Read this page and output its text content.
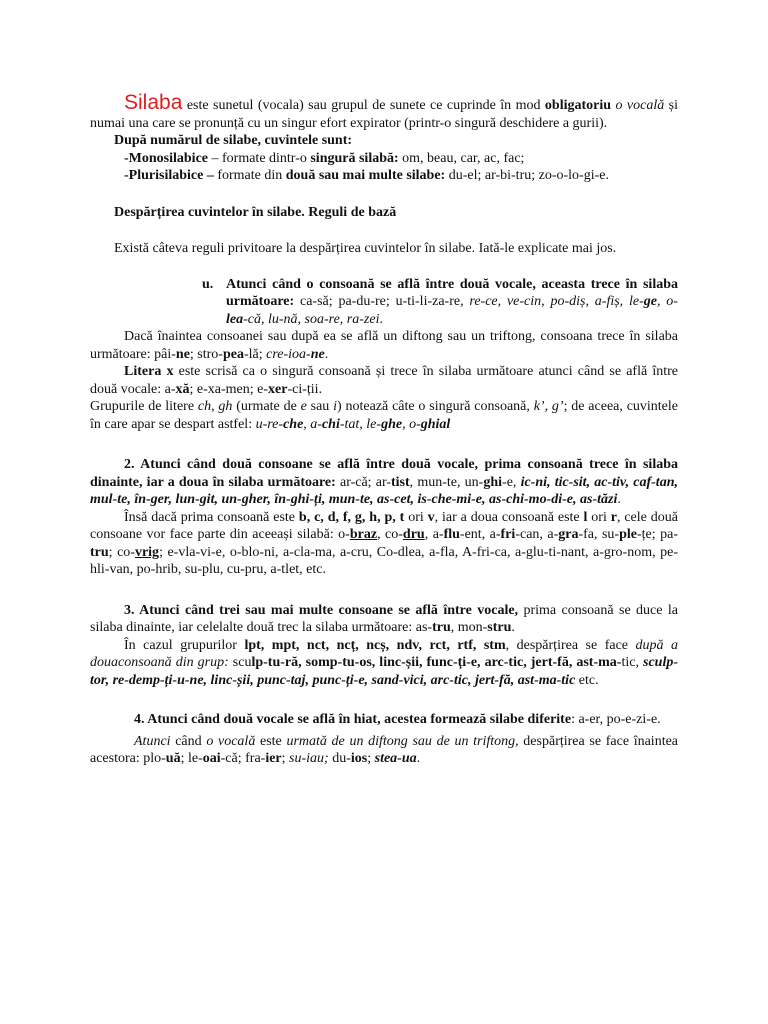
Silaba este sunetul (vocala) sau grupul de sunete ce cuprinde în mod obligatoriu o vocală și numai una care se pronunță cu un singur efort expirator (printr-o singură deschidere a gurii).

După numărul de silabe, cuvintele sunt:

-Monosilabice – formate dintr-o singură silabă: om, beau, car, ac, fac;

-Plurisilabice – formate din două sau mai multe silabe: du-el; ar-bi-tru; zo-o-lo-gi-e.

Despărțirea cuvintelor în silabe. Reguli de bază

Există câteva reguli privitoare la despărțirea cuvintelor în silabe. Iată-le explicate mai jos.

u. Atunci când o consoană se află între două vocale, aceasta trece în silaba următoare: ca-să; pa-du-re; u-ti-li-za-re, re-ce, ve-cin, po-diș, a-fiș, le-ge, o-lea-că, lu-nă, soa-re, ra-zei.

Dacă înaintea consoanei sau după ea se află un diftong sau un triftong, consoana trece în silaba următoare: pâi-ne; stro-pea-lă; cre-ioa-ne.

Litera x este scrisă ca o singură consoană și trece în silaba următoare atunci când se află între două vocale: a-xă; e-xa-men; e-xer-ci-ții.

Grupurile de litere ch, gh (urmate de e sau i) notează câte o singură consoană, k’, g’; de aceea, cuvintele în care apar se despart astfel: u-re-che, a-chi-tat, le-ghe, o-ghial

2. Atunci când două consoane se află între două vocale, prima consoană trece în silaba dinainte, iar a doua în silaba următoare: ar-că; ar-tist, mun-te, un-ghi-e, ic-ni, tic-sit, ac-tiv, caf-tan, mul-te, în-ger, lun-git, un-gher, în-ghi-ți, mun-te, as-cet, is-che-mi-e, as-chi-mo-di-e, as-tăzi.

Însă dacă prima consoană este b, c, d, f, g, h, p, t ori v, iar a doua consoană este l ori r, cele două consoane vor face parte din aceeași silabă: o-braz, co-dru, a-flu-ent, a-fri-can, a-gra-fa, su-ple-țe; pa-tru; co-vrig; e-vla-vi-e, o-blo-ni, a-cla-ma, a-cru, Co-dlea, a-fla, A-fri-ca, a-glu-ti-nant, a-gro-nom, pe-hli-van, po-hrib, su-plu, cu-pru, a-tlet, etc.

3. Atunci când trei sau mai multe consoane se află între vocale, prima consoană se duce la silaba dinainte, iar celelalte două trec la silaba următoare: as-tru, mon-stru.

În cazul grupurilor lpt, mpt, nct, ncț, ncș, ndv, rct, rtf, stm, despărțirea se face după a douaconsoană din grup: sculp-tu-ră, somp-tu-os, linc-șii, func-ți-e, arc-tic, jert-fă, ast-ma-tic, sculp-tor, re-demp-ți-u-ne, linc-șii, punc-taj, punc-ți-e, sand-vici, arc-tic, jert-fă, ast-ma-tic etc.

4. Atunci când două vocale se află în hiat, acestea formează silabe diferite: a-er, po-e-zi-e.

Atunci când o vocală este urmată de un diftong sau de un triftong, despărțirea se face înaintea acestora: plo-uă; le-oai-că; fra-ier; su-iau; du-ios; stea-ua.
